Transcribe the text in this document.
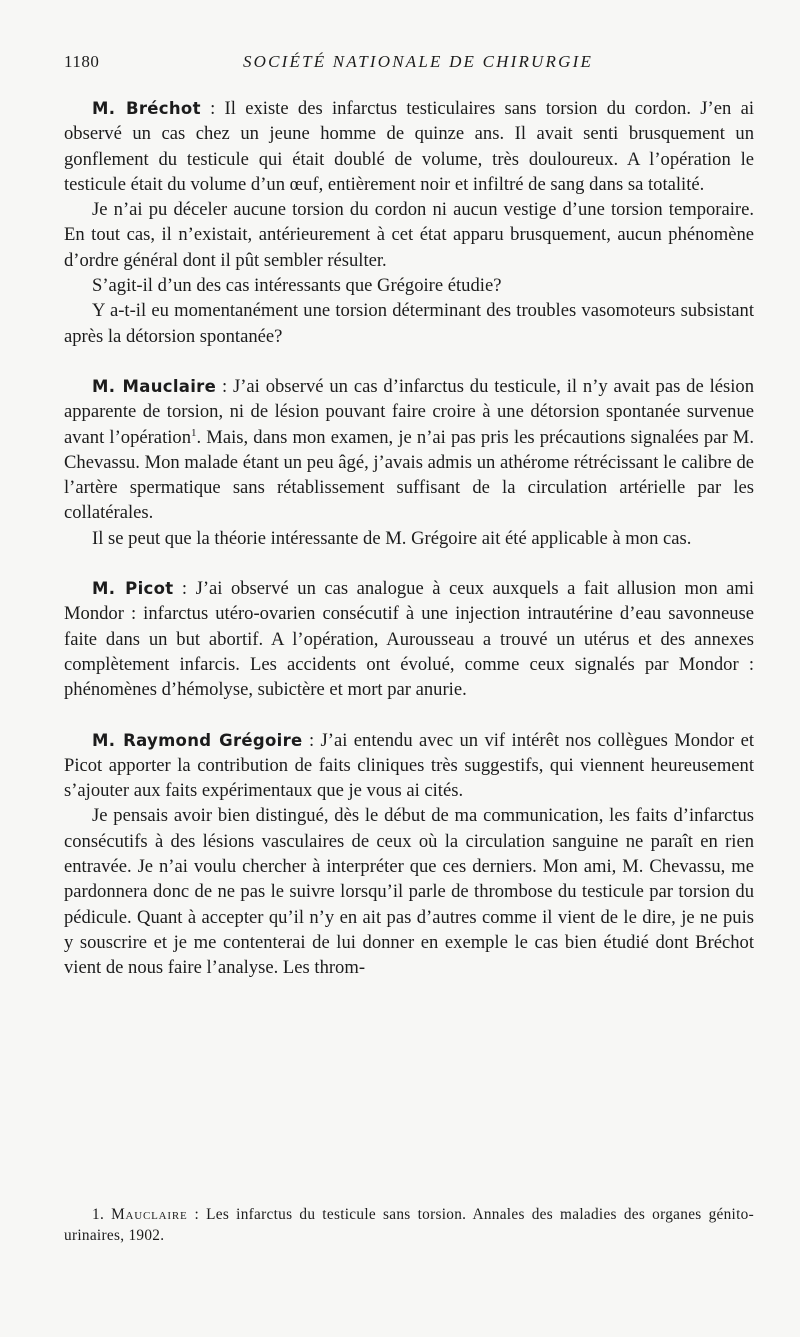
1180	SOCIÉTÉ NATIONALE DE CHIRURGIE

M. Bréchot : Il existe des infarctus testiculaires sans torsion du cordon. J’en ai observé un cas chez un jeune homme de quinze ans. Il avait senti brusquement un gonflement du testicule qui était doublé de volume, très douloureux. A l’opération le testicule était du volume d’un œuf, entièrement noir et infiltré de sang dans sa totalité.

Je n’ai pu déceler aucune torsion du cordon ni aucun vestige d’une torsion temporaire. En tout cas, il n’existait, antérieurement à cet état apparu brusquement, aucun phénomène d’ordre général dont il pût sembler résulter.

S’agit-il d’un des cas intéressants que Grégoire étudie?

Y a-t-il eu momentanément une torsion déterminant des troubles vasomoteurs subsistant après la détorsion spontanée?

M. Mauclaire : J’ai observé un cas d’infarctus du testicule, il n’y avait pas de lésion apparente de torsion, ni de lésion pouvant faire croire à une détorsion spontanée survenue avant l’opération$^1$. Mais, dans mon examen, je n’ai pas pris les précautions signalées par M. Chevassu. Mon malade étant un peu âgé, j’avais admis un athérome rétrécissant le calibre de l’artère spermatique sans rétablissement suffisant de la circulation artérielle par les collatérales.

Il se peut que la théorie intéressante de M. Grégoire ait été applicable à mon cas.

M. Picot : J’ai observé un cas analogue à ceux auxquels a fait allusion mon ami Mondor : infarctus utéro-ovarien consécutif à une injection intrautérine d’eau savonneuse faite dans un but abortif. A l’opération, Aurousseau a trouvé un utérus et des annexes complètement infarcis. Les accidents ont évolué, comme ceux signalés par Mondor : phénomènes d’hémolyse, subictère et mort par anurie.

M. Raymond Grégoire : J’ai entendu avec un vif intérêt nos collègues Mondor et Picot apporter la contribution de faits cliniques très suggestifs, qui viennent heureusement s’ajouter aux faits expérimentaux que je vous ai cités.

Je pensais avoir bien distingué, dès le début de ma communication, les faits d’infarctus consécutifs à des lésions vasculaires de ceux où la circulation sanguine ne paraît en rien entravée. Je n’ai voulu chercher à interpréter que ces derniers. Mon ami, M. Chevassu, me pardonnera donc de ne pas le suivre lorsqu’il parle de thrombose du testicule par torsion du pédicule. Quant à accepter qu’il n’y en ait pas d’autres comme il vient de le dire, je ne puis y souscrire et je me contenterai de lui donner en exemple le cas bien étudié dont Bréchot vient de nous faire l’analyse. Les throm-

1. Mauclaire : Les infarctus du testicule sans torsion. Annales des maladies des organes génito-urinaires, 1902.
